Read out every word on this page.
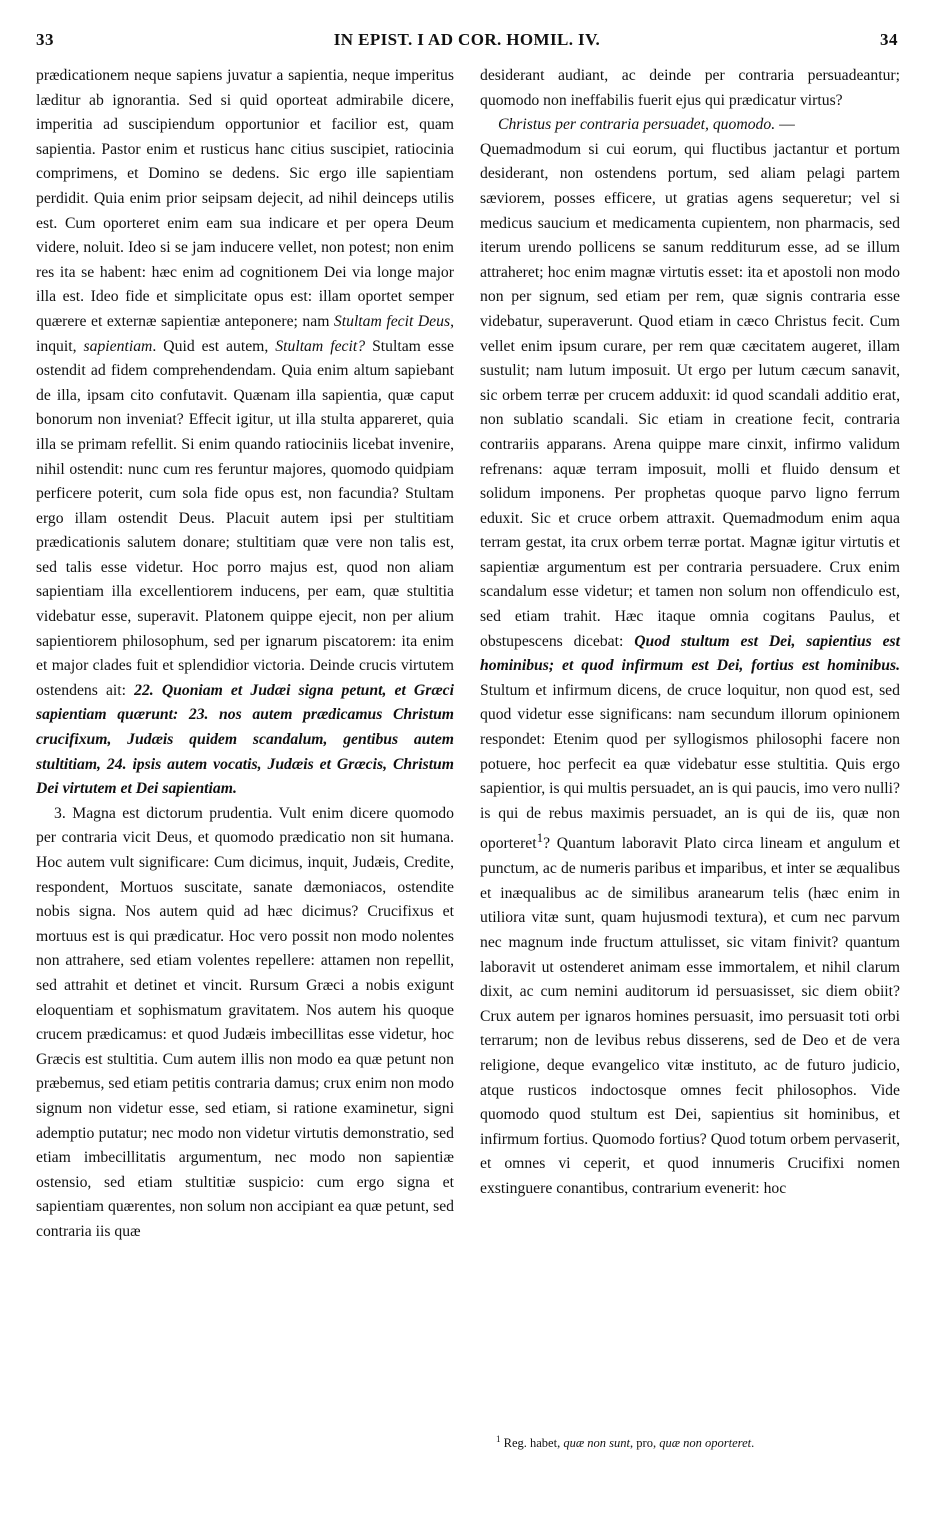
33	IN EPIST. I AD COR. HOMIL. IV.	34

prædicationem neque sapiens juvatur a sapientia, neque imperitus læditur ab ignorantia. Sed si quid oporteat admirabile dicere, imperitia ad suscipiendum opportunior et facilior est, quam sapientia. Pastor enim et rusticus hanc citius suscipiet, ratiocinia comprimens, et Domino se dedens. Sic ergo ille sapientiam perdidit. Quia enim prior seipsam dejecit, ad nihil deinceps utilis est. Cum oporteret enim eam sua indicare et per opera Deum videre, noluit. Ideo si se jam inducere vellet, non potest; non enim res ita se habent: hæc enim ad cognitionem Dei via longe major illa est. Ideo fide et simplicitate opus est: illam oportet semper quærere et externæ sapientiæ anteponere; nam Stultam fecit Deus, inquit, sapientiam. Quid est autem, Stultam fecit? Stultam esse ostendit ad fidem comprehendendam. Quia enim altum sapiebant de illa, ipsam cito confutavit. Quænam illa sapientia, quæ caput bonorum non inveniat? Effecit igitur, ut illa stulta appareret, quia illa se primam refellit. Si enim quando ratiociniis licebat invenire, nihil ostendit: nunc cum res feruntur majores, quomodo quidpiam perficere poterit, cum sola fide opus est, non facundia? Stultam ergo illam ostendit Deus. Placuit autem ipsi per stultitiam prædicationis salutem donare; stultitiam quæ vere non talis est, sed talis esse videtur. Hoc porro majus est, quod non aliam sapientiam illa excellentiorem inducens, per eam, quæ stultitia videbatur esse, superavit. Platonem quippe ejecit, non per alium sapientiorem philosophum, sed per ignarum piscatorem: ita enim et major clades fuit et splendidior victoria. Deinde crucis virtutem ostendens ait: 22. Quoniam et Judæi signa petunt, et Græci sapientiam quærunt: 23. nos autem prædicamus Christum crucifixum, Judæis quidem scandalum, gentibus autem stultitiam, 24. ipsis autem vocatis, Judæis et Græcis, Christum Dei virtutem et Dei sapientiam.

3. Magna est dictorum prudentia. Vult enim dicere quomodo per contraria vicit Deus, et quomodo prædicatio non sit humana. Hoc autem vult significare: Cum dicimus, inquit, Judæis, Credite, respondent, Mortuos suscitate, sanate dæmoniacos, ostendite nobis signa. Nos autem quid ad hæc dicimus? Crucifixus et mortuus est is qui prædicatur. Hoc vero possit non modo nolentes non attrahere, sed etiam volentes repellere: attamen non repellit, sed attrahit et detinet et vincit. Rursum Græci a nobis exigunt eloquentiam et sophismatum gravitatem. Nos autem his quoque crucem prædicamus: et quod Judæis imbecillitas esse videtur, hoc Græcis est stultitia. Cum autem illis non modo ea quæ petunt non præbemus, sed etiam petitis contraria damus; crux enim non modo signum non videtur esse, sed etiam, si ratione examinetur, signi ademptio putatur; nec modo non videtur virtutis demonstratio, sed etiam imbecillitatis argumentum, nec modo non sapientiæ ostensio, sed etiam stultitiæ suspicio: cum ergo signa et sapientiam quærentes, non solum non accipiant ea quæ petunt, sed contraria iis quæ

desiderant audiant, ac deinde per contraria persuadeantur; quomodo non ineffabilis fuerit ejus qui prædicatur virtus?

Christus per contraria persuadet, quomodo. —

Quemadmodum si cui eorum, qui fluctibus jactantur et portum desiderant, non ostendens portum, sed aliam pelagi partem sæviorem, posses efficere, ut gratias agens sequeretur; vel si medicus saucium et medicamenta cupientem, non pharmacis, sed iterum urendo pollicens se sanum redditurum esse, ad se illum attraheret; hoc enim magnæ virtutis esset: ita et apostoli non modo non per signum, sed etiam per rem, quæ signis contraria esse videbatur, superaverunt. Quod etiam in cæco Christus fecit. Cum vellet enim ipsum curare, per rem quæ cæcitatem augeret, illam sustulit; nam lutum imposuit. Ut ergo per lutum cæcum sanavit, sic orbem terræ per crucem adduxit: id quod scandali additio erat, non sublatio scandali. Sic etiam in creatione fecit, contraria contrariis apparans. Arena quippe mare cinxit, infirmo validum refrenans: aquæ terram imposuit, molli et fluido densum et solidum imponens. Per prophetas quoque parvo ligno ferrum eduxit. Sic et cruce orbem attraxit. Quemadmodum enim aqua terram gestat, ita crux orbem terræ portat. Magnæ igitur virtutis et sapientiæ argumentum est per contraria persuadere. Crux enim scandalum esse videtur; et tamen non solum non offendiculo est, sed etiam trahit. Hæc itaque omnia cogitans Paulus, et obstupescens dicebat: Quod stultum est Dei, sapientius est hominibus; et quod infirmum est Dei, fortius est hominibus. Stultum et infirmum dicens, de cruce loquitur, non quod est, sed quod videtur esse significans: nam secundum illorum opinionem respondet: Etenim quod per syllogismos philosophi facere non potuere, hoc perfecit ea quæ videbatur esse stultitia. Quis ergo sapientior, is qui multis persuadet, an is qui paucis, imo vero nulli? is qui de rebus maximis persuadet, an is qui de iis, quæ non oporteret$^1$? Quantum laboravit Plato circa lineam et angulum et punctum, ac de numeris paribus et imparibus, et inter se æqualibus et inæqualibus ac de similibus aranearum telis (hæc enim in utiliora vitæ sunt, quam hujusmodi textura), et cum nec parvum nec magnum inde fructum attulisset, sic vitam finivit? quantum laboravit ut ostenderet animam esse immortalem, et nihil clarum dixit, ac cum nemini auditorum id persuasisset, sic diem obiit? Crux autem per ignaros homines persuasit, imo persuasit toti orbi terrarum; non de levibus rebus disserens, sed de Deo et de vera religione, deque evangelico vitæ instituto, ac de futuro judicio, atque rusticos indoctosque omnes fecit philosophos. Vide quomodo quod stultum est Dei, sapientius sit hominibus, et infirmum fortius. Quomodo fortius? Quod totum orbem pervaserit, et omnes vi ceperit, et quod innumeris Crucifixi nomen exstinguere conantibus, contrarium evenerit: hoc

$^1$ Reg. habet, quæ non sunt, pro, quæ non oporteret.
